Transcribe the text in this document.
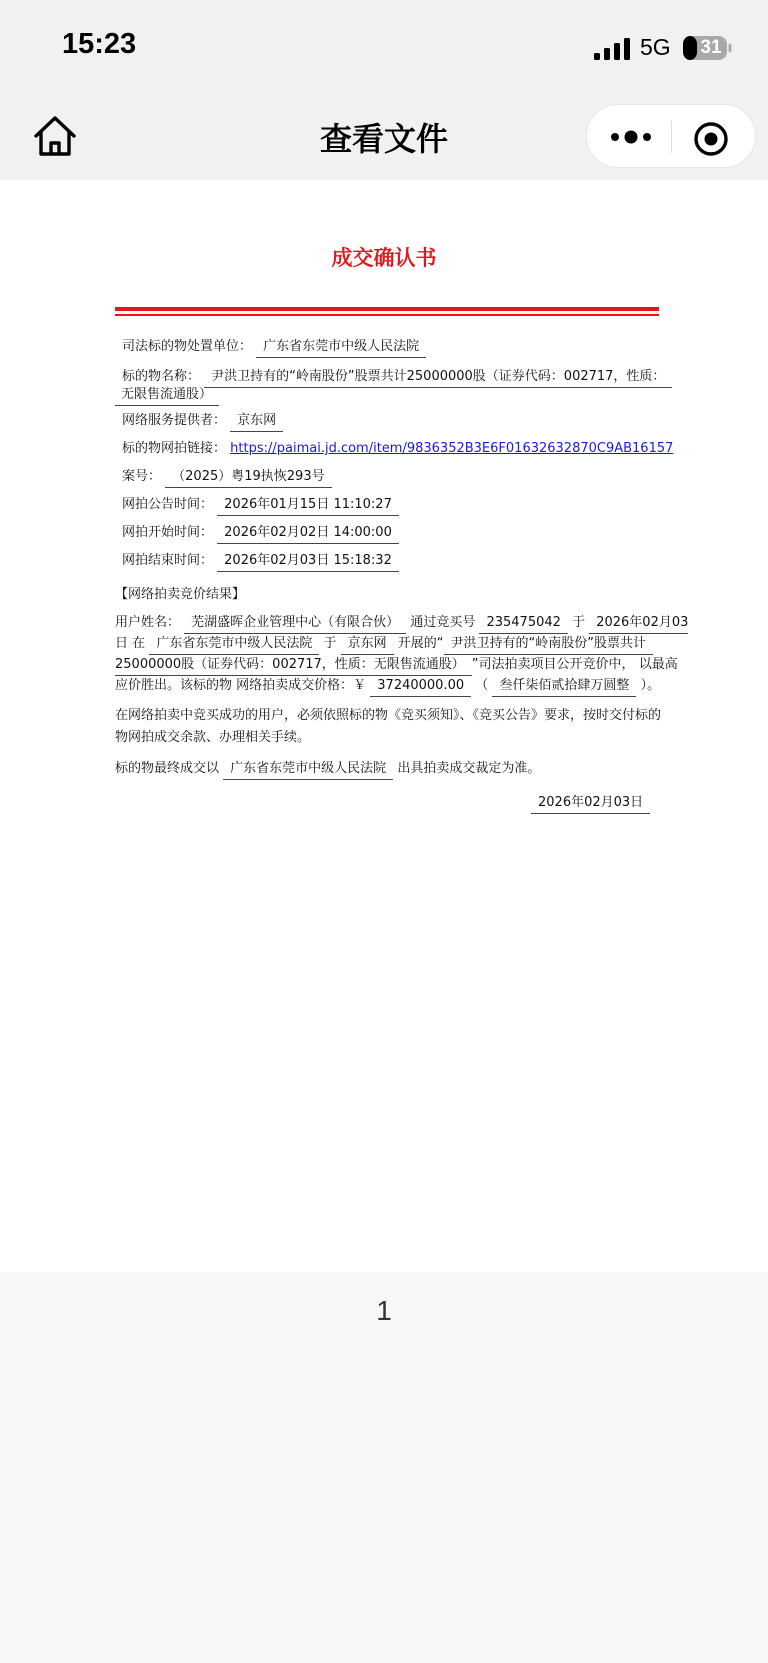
15:23	5G	31
查看文件
成交确认书
司法标的物处置单位： 广东省东莞市中级人民法院
标的物名称： 尹洪卫持有的“岭南股份”股票共计25000000股（证券代码：002717，性质：
无限售流通股）
网络服务提供者： 京东网
标的物网拍链接： https://paimai.jd.com/item/9836352B3E6F01632632870C9AB16157
案号： （2025）粤19执恢293号
网拍公告时间： 2026年01月15日 11:10:27
网拍开始时间： 2026年02月02日 14:00:00
网拍结束时间： 2026年02月03日 15:18:32
【网络拍卖竞价结果】
用户姓名： 芜湖盛晖企业管理中心（有限合伙） 通过竞买号 235475042 于 2026年02月03
日 在 广东省东莞市中级人民法院 于 京东网 开展的“ 尹洪卫持有的“岭南股份”股票共计
25000000股（证券代码：002717，性质：无限售流通股） ”司法拍卖项目公开竞价中， 以最高
应价胜出。该标的物 网络拍卖成交价格：￥ 37240000.00 （ 叁仟柒佰贰拾肆万圆整 ）。
在网络拍卖中竞买成功的用户，必须依照标的物《竞买须知》、《竞买公告》要求，按时交付标的
物网拍成交余款、办理相关手续。
标的物最终成交以 广东省东莞市中级人民法院 出具拍卖成交裁定为准。
2026年02月03日
1
